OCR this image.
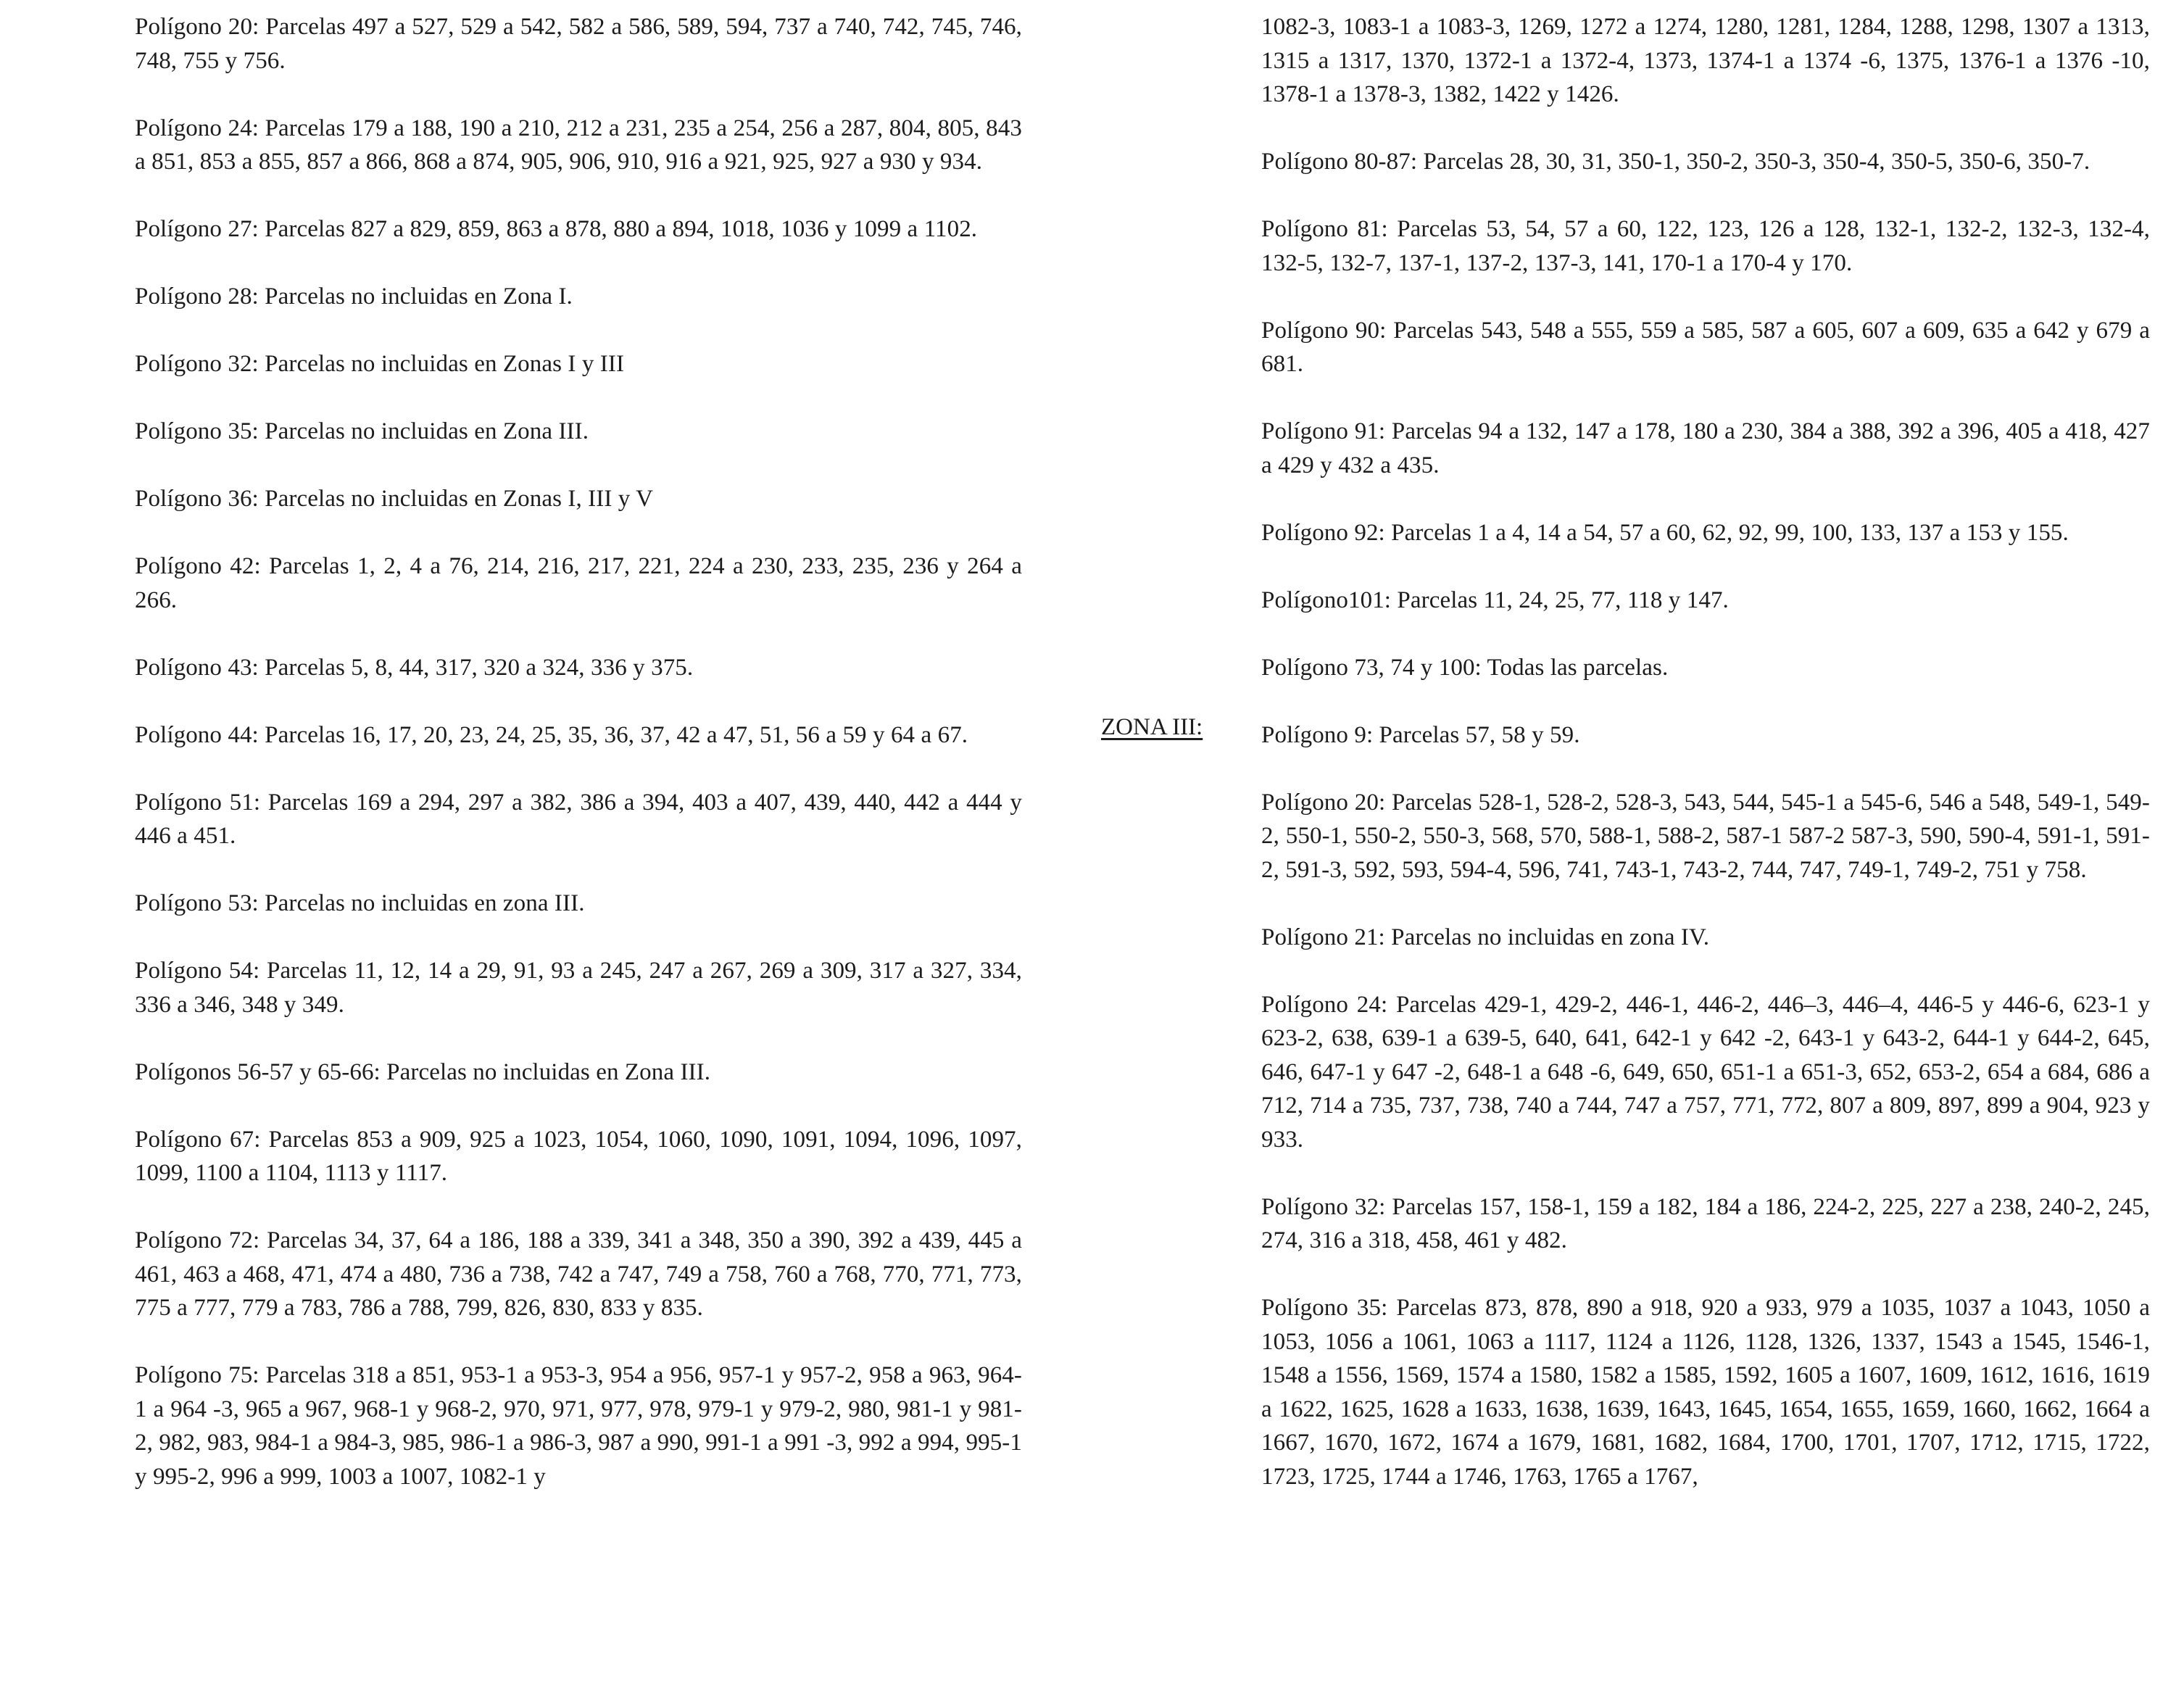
Polígono 20: Parcelas 497 a 527, 529 a 542, 582 a 586, 589, 594, 737 a 740, 742, 745, 746, 748, 755 y 756.

Polígono 24: Parcelas 179 a 188, 190 a 210, 212 a 231, 235 a 254, 256 a 287, 804, 805, 843 a 851, 853 a 855, 857 a 866, 868 a 874, 905, 906, 910, 916 a 921, 925, 927 a 930 y 934.

Polígono 27: Parcelas 827 a 829, 859, 863 a 878, 880 a 894, 1018, 1036 y 1099 a 1102.

Polígono 28: Parcelas no incluidas en Zona I.

Polígono 32: Parcelas no incluidas en Zonas I y III

Polígono 35: Parcelas no incluidas en Zona III.

Polígono 36: Parcelas no incluidas en Zonas I, III y V

Polígono 42: Parcelas 1, 2, 4 a 76, 214, 216, 217, 221, 224 a 230, 233, 235, 236 y 264 a 266.

Polígono 43: Parcelas 5, 8, 44, 317, 320 a 324, 336 y 375.

Polígono 44: Parcelas 16, 17, 20, 23, 24, 25, 35, 36, 37, 42 a 47, 51, 56 a 59 y 64 a 67.

Polígono 51: Parcelas 169 a 294, 297 a 382, 386 a 394, 403 a 407, 439, 440, 442 a 444 y 446 a 451.

Polígono 53: Parcelas no incluidas en zona III.

Polígono 54: Parcelas 11, 12, 14 a 29, 91, 93 a 245, 247 a 267, 269 a 309, 317 a 327, 334, 336 a 346, 348 y 349.

Polígonos 56-57 y 65-66: Parcelas no incluidas en Zona III.

Polígono 67: Parcelas 853 a 909, 925 a 1023, 1054, 1060, 1090, 1091, 1094, 1096, 1097, 1099, 1100 a 1104, 1113 y 1117.

Polígono 72: Parcelas 34, 37, 64 a 186, 188 a 339, 341 a 348, 350 a 390, 392 a 439, 445 a 461, 463 a 468, 471, 474 a 480, 736 a 738, 742 a 747, 749 a 758, 760 a 768, 770, 771, 773, 775 a 777, 779 a 783, 786 a 788, 799, 826, 830, 833 y 835.

Polígono 75: Parcelas 318 a 851, 953-1 a 953-3, 954 a 956, 957-1 y 957-2, 958 a 963, 964-1 a 964 -3, 965 a 967, 968-1 y 968-2, 970, 971, 977, 978, 979-1 y 979-2, 980, 981-1 y 981-2, 982, 983, 984-1 a 984-3, 985, 986-1 a 986-3, 987 a 990, 991-1 a 991 -3, 992 a 994, 995-1 y 995-2, 996 a 999, 1003 a 1007, 1082-1 y

ZONA III:

1082-3, 1083-1 a 1083-3, 1269, 1272 a 1274, 1280, 1281, 1284, 1288, 1298, 1307 a 1313, 1315 a 1317, 1370, 1372-1 a 1372-4, 1373, 1374-1 a 1374 -6, 1375, 1376-1 a 1376 -10, 1378-1 a 1378-3, 1382, 1422 y 1426.

Polígono 80-87: Parcelas 28, 30, 31, 350-1, 350-2, 350-3, 350-4, 350-5, 350-6, 350-7.

Polígono 81: Parcelas 53, 54, 57 a 60, 122, 123, 126 a 128, 132-1, 132-2, 132-3, 132-4, 132-5, 132-7, 137-1, 137-2, 137-3, 141, 170-1 a 170-4 y 170.

Polígono 90: Parcelas 543, 548 a 555, 559 a 585, 587 a 605, 607 a 609, 635 a 642 y 679 a 681.

Polígono 91: Parcelas 94 a 132, 147 a 178, 180 a 230, 384 a 388, 392 a 396, 405 a 418, 427 a 429 y 432 a 435.

Polígono 92: Parcelas 1 a 4, 14 a 54, 57 a 60, 62, 92, 99, 100, 133, 137 a 153 y 155.

Polígono101: Parcelas 11, 24, 25, 77, 118 y 147.

Polígono 73, 74 y 100: Todas las parcelas.

Polígono 9: Parcelas 57, 58 y 59.

Polígono 20: Parcelas 528-1, 528-2, 528-3, 543, 544, 545-1 a 545-6, 546 a 548, 549-1, 549-2, 550-1, 550-2, 550-3, 568, 570, 588-1, 588-2, 587-1 587-2 587-3, 590, 590-4, 591-1, 591-2, 591-3, 592, 593, 594-4, 596, 741, 743-1, 743-2, 744, 747, 749-1, 749-2, 751 y 758.

Polígono 21: Parcelas no incluidas en zona IV.

Polígono 24: Parcelas 429-1, 429-2, 446-1, 446-2, 446–3, 446–4, 446-5 y 446-6, 623-1 y 623-2, 638, 639-1 a 639-5, 640, 641, 642-1 y 642 -2, 643-1 y 643-2, 644-1 y 644-2, 645, 646, 647-1 y 647 -2, 648-1 a 648 -6, 649, 650, 651-1 a 651-3, 652, 653-2, 654 a 684, 686 a 712, 714 a 735, 737, 738, 740 a 744, 747 a 757, 771, 772, 807 a 809, 897, 899 a 904, 923 y 933.

Polígono 32: Parcelas 157, 158-1, 159 a 182, 184 a 186, 224-2, 225, 227 a 238, 240-2, 245, 274, 316 a 318, 458, 461 y 482.

Polígono 35: Parcelas 873, 878, 890 a 918, 920 a 933, 979 a 1035, 1037 a 1043, 1050 a 1053, 1056 a 1061, 1063 a 1117, 1124 a 1126, 1128, 1326, 1337, 1543 a 1545, 1546-1, 1548 a 1556, 1569, 1574 a 1580, 1582 a 1585, 1592, 1605 a 1607, 1609, 1612, 1616, 1619 a 1622, 1625, 1628 a 1633, 1638, 1639, 1643, 1645, 1654, 1655, 1659, 1660, 1662, 1664 a 1667, 1670, 1672, 1674 a 1679, 1681, 1682, 1684, 1700, 1701, 1707, 1712, 1715, 1722, 1723, 1725, 1744 a 1746, 1763, 1765 a 1767,
